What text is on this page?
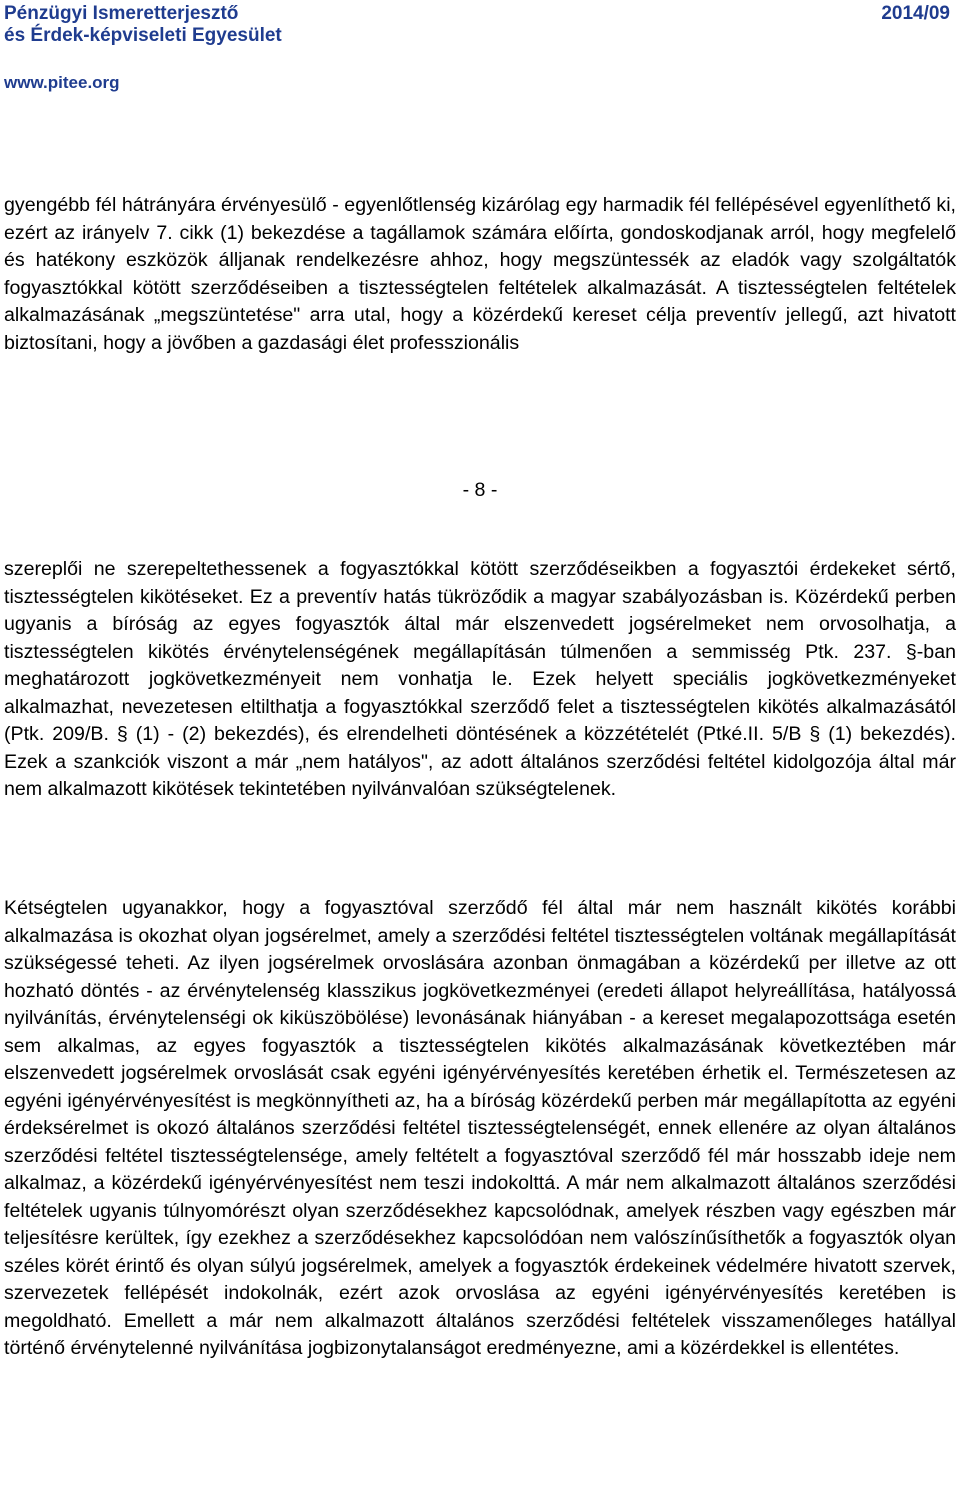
Pénzügyi Ismeretterjesztő
és Érdek-képviseleti Egyesület
2014/09
www.pitee.org

gyengébb fél hátrányára érvényesülő - egyenlőtlenség kizárólag egy harmadik fél fellépésével egyenlíthető ki, ezért az irányelv 7. cikk (1) bekezdése a tagállamok számára előírta, gondoskodjanak arról, hogy megfelelő és hatékony eszközök álljanak rendelkezésre ahhoz, hogy megszüntessék az eladók vagy szolgáltatók fogyasztókkal kötött szerződéseiben a tisztességtelen feltételek alkalmazását. A tisztességtelen feltételek alkalmazásának „megszüntetése" arra utal, hogy a közérdekű kereset célja preventív jellegű, azt hivatott biztosítani, hogy a jövőben a gazdasági élet professzionális

- 8 -

szereplői ne szerepeltethessenek a fogyasztókkal kötött szerződéseikben a fogyasztói érdekeket sértő, tisztességtelen kikötéseket. Ez a preventív hatás tükröződik a magyar szabályozásban is. Közérdekű perben ugyanis a bíróság az egyes fogyasztók által már elszenvedett jogsérelmeket nem orvosolhatja, a tisztességtelen kikötés érvénytelenségének megállapításán túlmenően a semmisség Ptk. 237. §-ban meghatározott jogkövetkezményeit nem vonhatja le. Ezek helyett speciális jogkövetkezményeket alkalmazhat, nevezetesen eltilthatja a fogyasztókkal szerződő felet a tisztességtelen kikötés alkalmazásától (Ptk. 209/B. § (1) - (2) bekezdés), és elrendelheti döntésének a közzétételét (Ptké.II. 5/B § (1) bekezdés). Ezek a szankciók viszont a már „nem hatályos", az adott általános szerződési feltétel kidolgozója által már nem alkalmazott kikötések tekintetében nyilvánvalóan szükségtelenek.

Kétségtelen ugyanakkor, hogy a fogyasztóval szerződő fél által már nem használt kikötés korábbi alkalmazása is okozhat olyan jogsérelmet, amely a szerződési feltétel tisztességtelen voltának megállapítását szükségessé teheti. Az ilyen jogsérelmek orvoslására azonban önmagában a közérdekű per illetve az ott hozható döntés - az érvénytelenség klasszikus jogkövetkezményei (eredeti állapot helyreállítása, hatályossá nyilvánítás, érvénytelenségi ok kiküszöbölése) levonásának hiányában - a kereset megalapozottsága esetén sem alkalmas, az egyes fogyasztók a tisztességtelen kikötés alkalmazásának következtében már elszenvedett jogsérelmek orvoslását csak egyéni igényérvényesítés keretében érhetik el. Természetesen az egyéni igényérvényesítést is megkönnyítheti az, ha a bíróság közérdekű perben már megállapította az egyéni érdeksérelmet is okozó általános szerződési feltétel tisztességtelenségét, ennek ellenére az olyan általános szerződési feltétel tisztességtelensége, amely feltételt a fogyasztóval szerződő fél már hosszabb ideje nem alkalmaz, a közérdekű igényérvényesítést nem teszi indokolttá. A már nem alkalmazott általános szerződési feltételek ugyanis túlnyomórészt olyan szerződésekhez kapcsolódnak, amelyek részben vagy egészben már teljesítésre kerültek, így ezekhez a szerződésekhez kapcsolódóan nem valószínűsíthetők a fogyasztók olyan széles körét érintő és olyan súlyú jogsérelmek, amelyek a fogyasztók érdekeinek védelmére hivatott szervek, szervezetek fellépését indokolnák, ezért azok orvoslása az egyéni igényérvényesítés keretében is megoldható. Emellett a már nem alkalmazott általános szerződési feltételek visszamenőleges hatállyal történő érvénytelenné nyilvánítása jogbizonytalanságot eredményezne, ami a közérdekkel is ellentétes.
